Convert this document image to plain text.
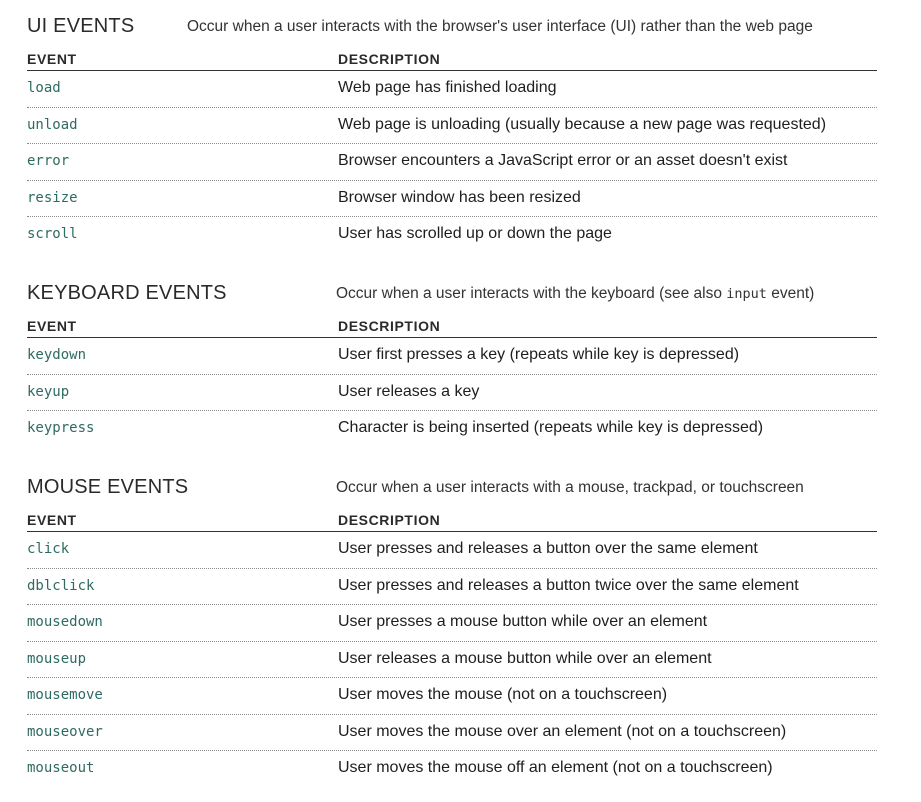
UI EVENTS	Occur when a user interacts with the browser's user interface (UI) rather than the web page
EVENT	DESCRIPTION
load	Web page has finished loading
unload	Web page is unloading (usually because a new page was requested)
error	Browser encounters a JavaScript error or an asset doesn't exist
resize	Browser window has been resized
scroll	User has scrolled up or down the page
KEYBOARD EVENTS	Occur when a user interacts with the keyboard (see also input event)
EVENT	DESCRIPTION
keydown	User first presses a key (repeats while key is depressed)
keyup	User releases a key
keypress	Character is being inserted (repeats while key is depressed)
MOUSE EVENTS	Occur when a user interacts with a mouse, trackpad, or touchscreen
EVENT	DESCRIPTION
click	User presses and releases a button over the same element
dblclick	User presses and releases a button twice over the same element
mousedown	User presses a mouse button while over an element
mouseup	User releases a mouse button while over an element
mousemove	User moves the mouse (not on a touchscreen)
mouseover	User moves the mouse over an element (not on a touchscreen)
mouseout	User moves the mouse off an element (not on a touchscreen)
